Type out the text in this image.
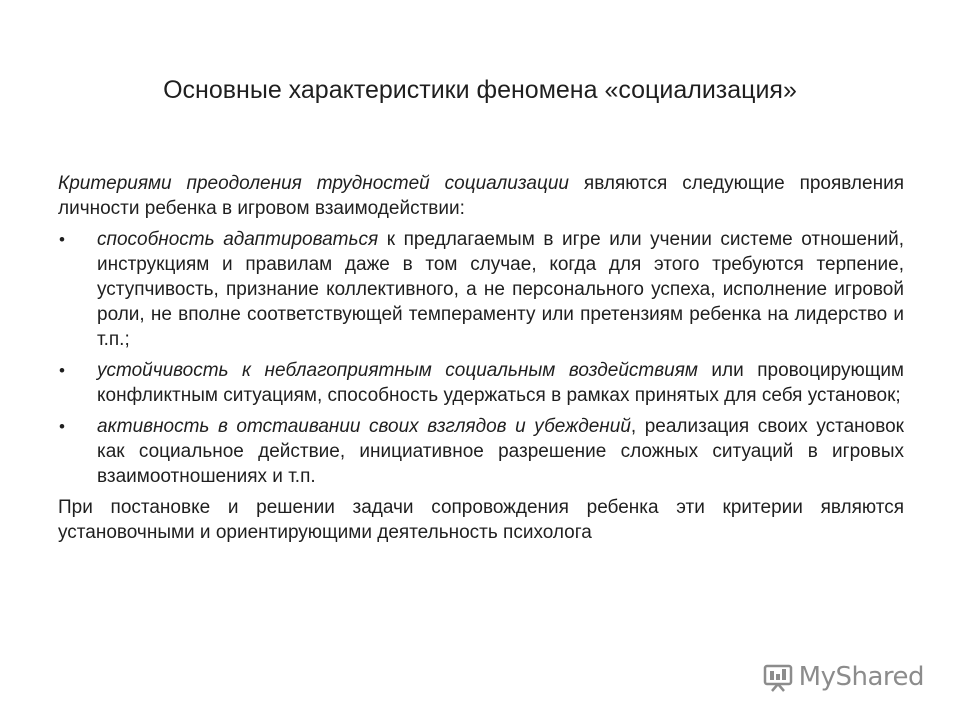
Основные характеристики феномена «социализация»

Критериями преодоления трудностей социализации являются следующие проявления личности ребенка в игровом взаимодействии:

•	способность адаптироваться к предлагаемым в игре или учении системе отношений, инструкциям и правилам даже в том случае, когда для этого требуются терпение, уступчивость, признание коллективного, а не персонального успеха, исполнение игровой роли, не вполне соответствующей темпераменту или претензиям ребенка на лидерство и т.п.;
•	устойчивость к неблагоприятным социальным воздействиям или провоцирующим конфликтным ситуациям, способность удержаться в рамках принятых для себя установок;
•	активность в отстаивании своих взглядов и убеждений, реализация своих установок как социальное действие, инициативное разрешение сложных ситуаций в игровых взаимоотношениях и т.п.

При постановке и решении задачи сопровождения ребенка эти критерии являются установочными и ориентирующими деятельность психолога

MyShared
